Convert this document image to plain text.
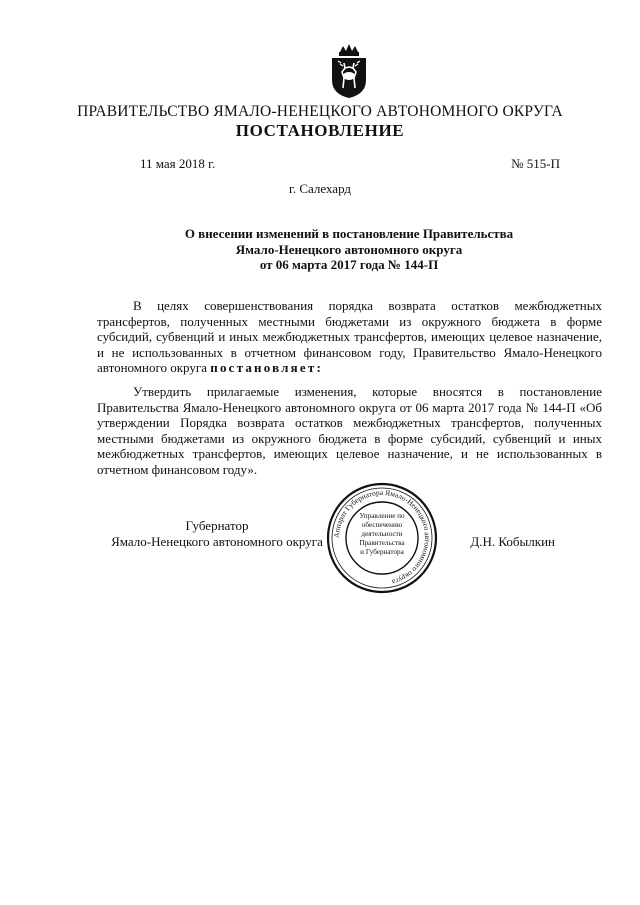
ПРАВИТЕЛЬСТВО ЯМАЛО-НЕНЕЦКОГО АВТОНОМНОГО ОКРУГА
ПОСТАНОВЛЕНИЕ
11 мая 2018 г.	№ 515-П
г. Салехард
О внесении изменений в постановление Правительства
Ямало-Ненецкого автономного округа
от 06 марта 2017 года № 144-П
В целях совершенствования порядка возврата остатков межбюджетных трансфертов, полученных местными бюджетами из окружного бюджета в форме субсидий, субвенций и иных межбюджетных трансфертов, имеющих целевое назначение, и не использованных в отчетном финансовом году, Правительство Ямало-Ненецкого автономного округа постановляет:
Утвердить прилагаемые изменения, которые вносятся в постановление Правительства Ямало-Ненецкого автономного округа от 06 марта 2017 года № 144-П «Об утверждении Порядка возврата остатков межбюджетных трансфертов, полученных местными бюджетами из окружного бюджета в форме субсидий, субвенций и иных межбюджетных трансфертов, имеющих целевое назначение, и не использованных в отчетном финансовом году».
Губернатор
Ямало-Ненецкого автономного округа	Д.Н. Кобылкин
Аппарат Губернатора Ямало-Ненецкого автономного округа
Управление по
обеспечению
деятельности
Правительства
и Губернатора
